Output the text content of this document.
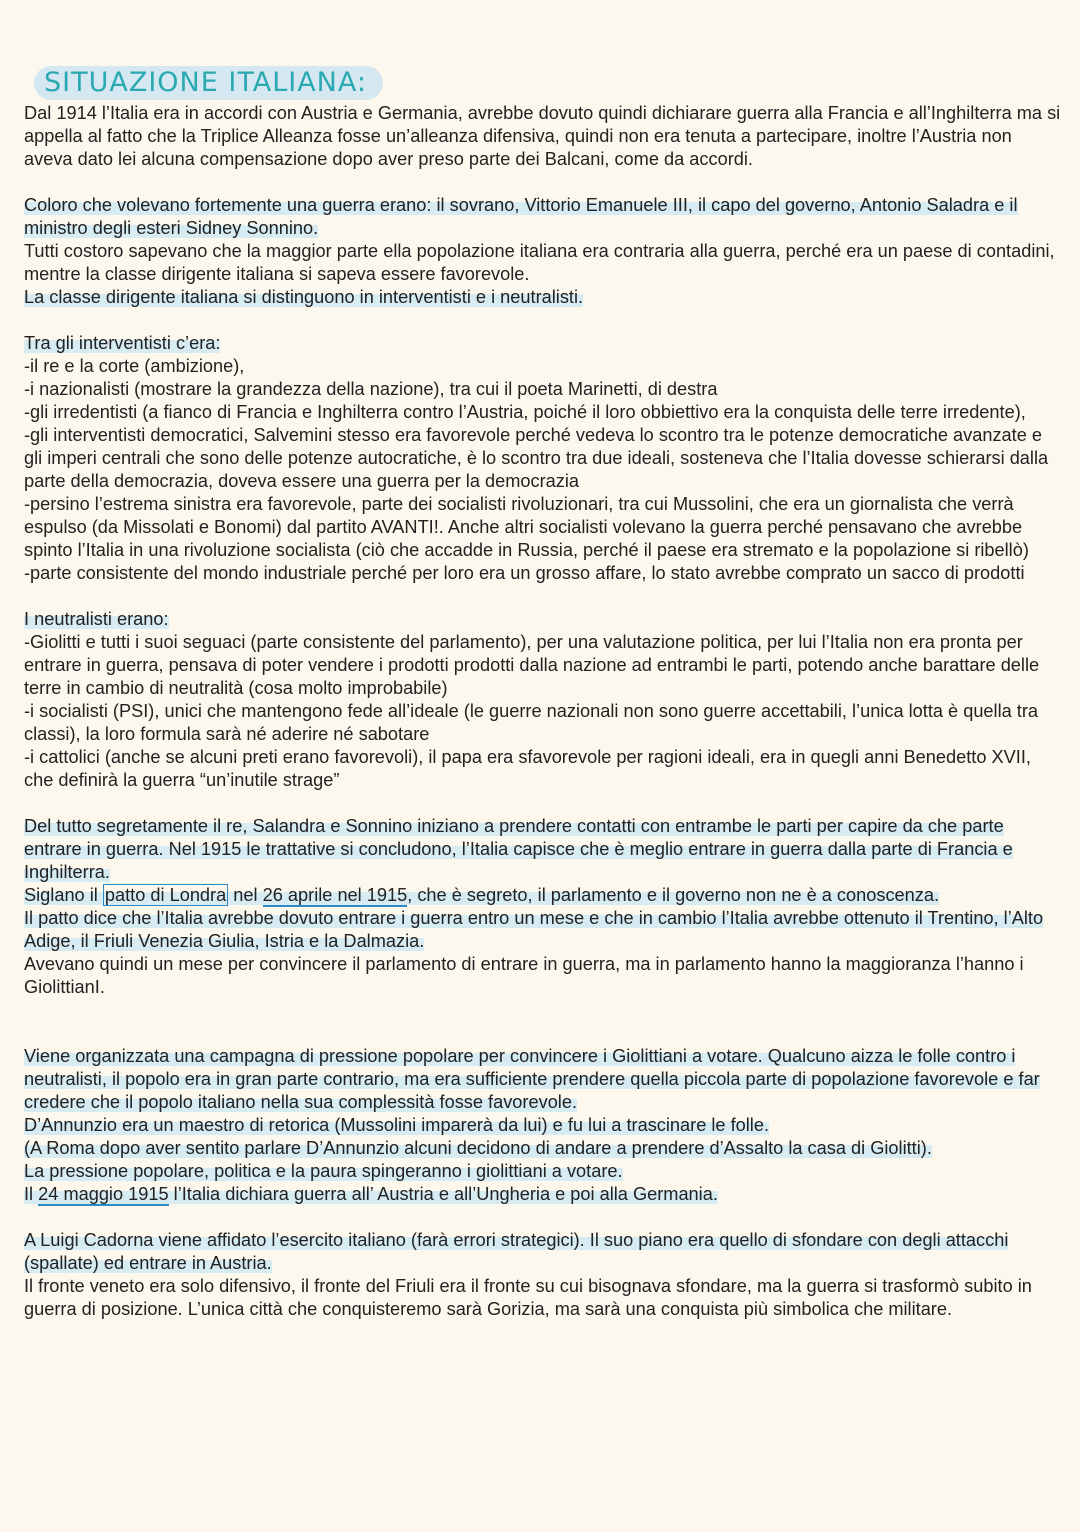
SITUAZIONE ITALIANA:

Dal 1914 l’Italia era in accordi con Austria e Germania, avrebbe dovuto quindi dichiarare guerra alla Francia e all’Inghilterra ma si appella al fatto che la Triplice Alleanza fosse un’alleanza difensiva, quindi non era tenuta a partecipare, inoltre l’Austria non aveva dato lei alcuna compensazione dopo aver preso parte dei Balcani, come da accordi.

Coloro che volevano fortemente una guerra erano: il sovrano, Vittorio Emanuele III, il capo del governo, Antonio Saladra e il ministro degli esteri Sidney Sonnino.

Tutti costoro sapevano che la maggior parte ella popolazione italiana era contraria alla guerra, perché era un paese di contadini, mentre la classe dirigente italiana si sapeva essere favorevole.

La classe dirigente italiana si distinguono in interventisti e i neutralisti.

Tra gli interventisti c’era:

-il re e la corte (ambizione),

-i nazionalisti (mostrare la grandezza della nazione), tra cui il poeta Marinetti, di destra

-gli irredentisti (a fianco di Francia e Inghilterra contro l’Austria, poiché il loro obbiettivo era la conquista delle terre irredente),

-gli interventisti democratici, Salvemini stesso era favorevole perché vedeva lo scontro tra le potenze democratiche avanzate e gli imperi centrali che sono delle potenze autocratiche, è lo scontro tra due ideali, sosteneva che l’Italia dovesse schierarsi dalla parte della democrazia, doveva essere una guerra per la democrazia

-persino l’estrema sinistra era favorevole, parte dei socialisti rivoluzionari, tra cui Mussolini, che era un giornalista che verrà espulso (da Missolati e Bonomi) dal partito AVANTI!. Anche altri socialisti volevano la guerra perché pensavano che avrebbe spinto l’Italia in una rivoluzione socialista (ciò che accadde in Russia, perché il paese era stremato e la popolazione si ribellò)

-parte consistente del mondo industriale perché per loro era un grosso affare, lo stato avrebbe comprato un sacco di prodotti

I neutralisti erano:

-Giolitti e tutti i suoi seguaci (parte consistente del parlamento), per una valutazione politica, per lui l’Italia non era pronta per entrare in guerra, pensava di poter vendere i prodotti prodotti dalla nazione ad entrambi le parti, potendo anche barattare delle terre in cambio di neutralità (cosa molto improbabile)

-i socialisti (PSI), unici che mantengono fede all’ideale (le guerre nazionali non sono guerre accettabili, l’unica lotta è quella tra classi), la loro formula sarà né aderire né sabotare

-i cattolici (anche se alcuni preti erano favorevoli), il papa era sfavorevole per ragioni ideali, era in quegli anni Benedetto XVII, che definirà la guerra “un’inutile strage”

Del tutto segretamente il re, Salandra e Sonnino iniziano a prendere contatti con entrambe le parti per capire da che parte entrare in guerra. Nel 1915 le trattative si concludono, l’Italia capisce che è meglio entrare in guerra dalla parte di Francia e Inghilterra.

Siglano il patto di Londra nel 26 aprile nel 1915, che è segreto, il parlamento e il governo non ne è a conoscenza.

Il patto dice che l’Italia avrebbe dovuto entrare i guerra entro un mese e che in cambio l’Italia avrebbe ottenuto il Trentino, l’Alto Adige, il Friuli Venezia Giulia, Istria e la Dalmazia.

Avevano quindi un mese per convincere il parlamento di entrare in guerra, ma in parlamento hanno la maggioranza l’hanno i GiolittianI.

Viene organizzata una campagna di pressione popolare per convincere i Giolittiani a votare. Qualcuno aizza le folle contro i neutralisti, il popolo era in gran parte contrario, ma era sufficiente prendere quella piccola parte di popolazione favorevole e far credere che il popolo italiano nella sua complessità fosse favorevole.

D’Annunzio era un maestro di retorica (Mussolini imparerà da lui) e fu lui a trascinare le folle.

(A Roma dopo aver sentito parlare D’Annunzio alcuni decidono di andare a prendere d’Assalto la casa di Giolitti).

La pressione popolare, politica e la paura spingeranno i giolittiani a votare.

Il 24 maggio 1915 l’Italia dichiara guerra all’ Austria e all’Ungheria e poi alla Germania.

A Luigi Cadorna viene affidato l’esercito italiano (farà errori strategici). Il suo piano era quello di sfondare con degli attacchi (spallate) ed entrare in Austria.

Il fronte veneto era solo difensivo, il fronte del Friuli era il fronte su cui bisognava sfondare, ma la guerra si trasformò subito in guerra di posizione. L’unica città che conquisteremo sarà Gorizia, ma sarà una conquista più simbolica che militare.
